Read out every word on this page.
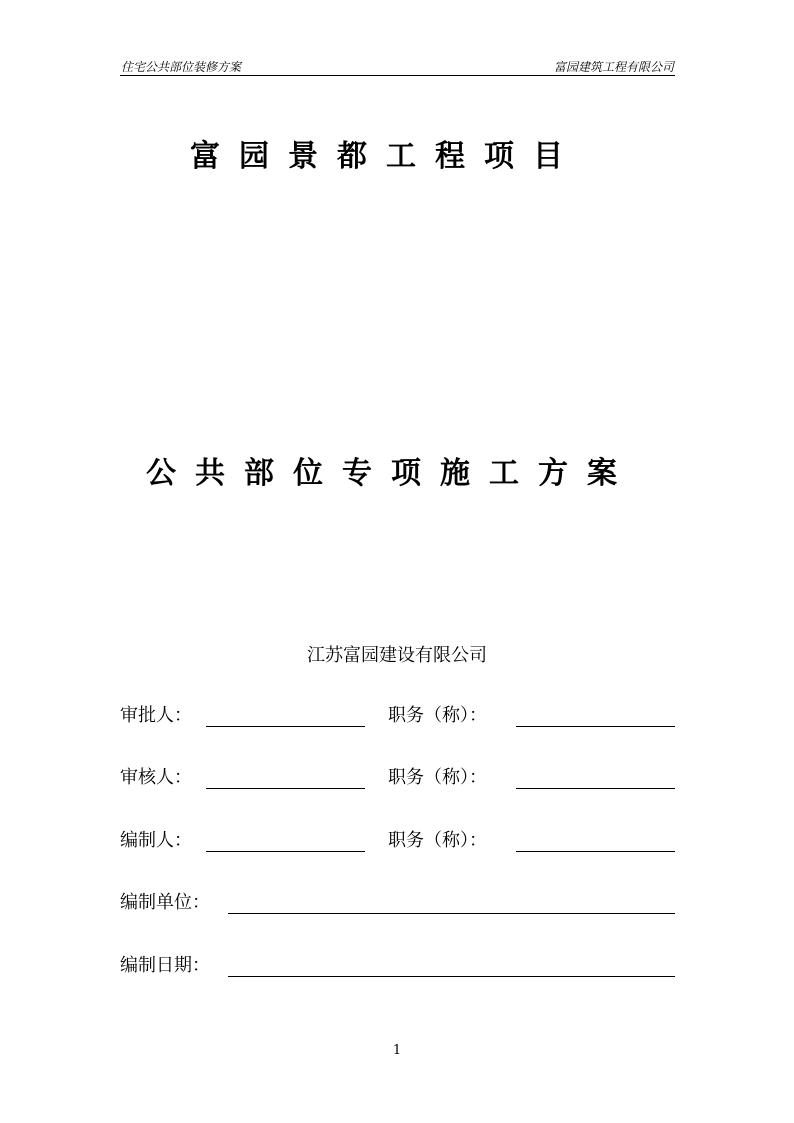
住宅公共部位装修方案	富园建筑工程有限公司
富园景都工程项目
公共部位专项施工方案
江苏富园建设有限公司
审批人：	职务（称）：
审核人：	职务（称）：
编制人：	职务（称）：
编制单位：
编制日期：
1
